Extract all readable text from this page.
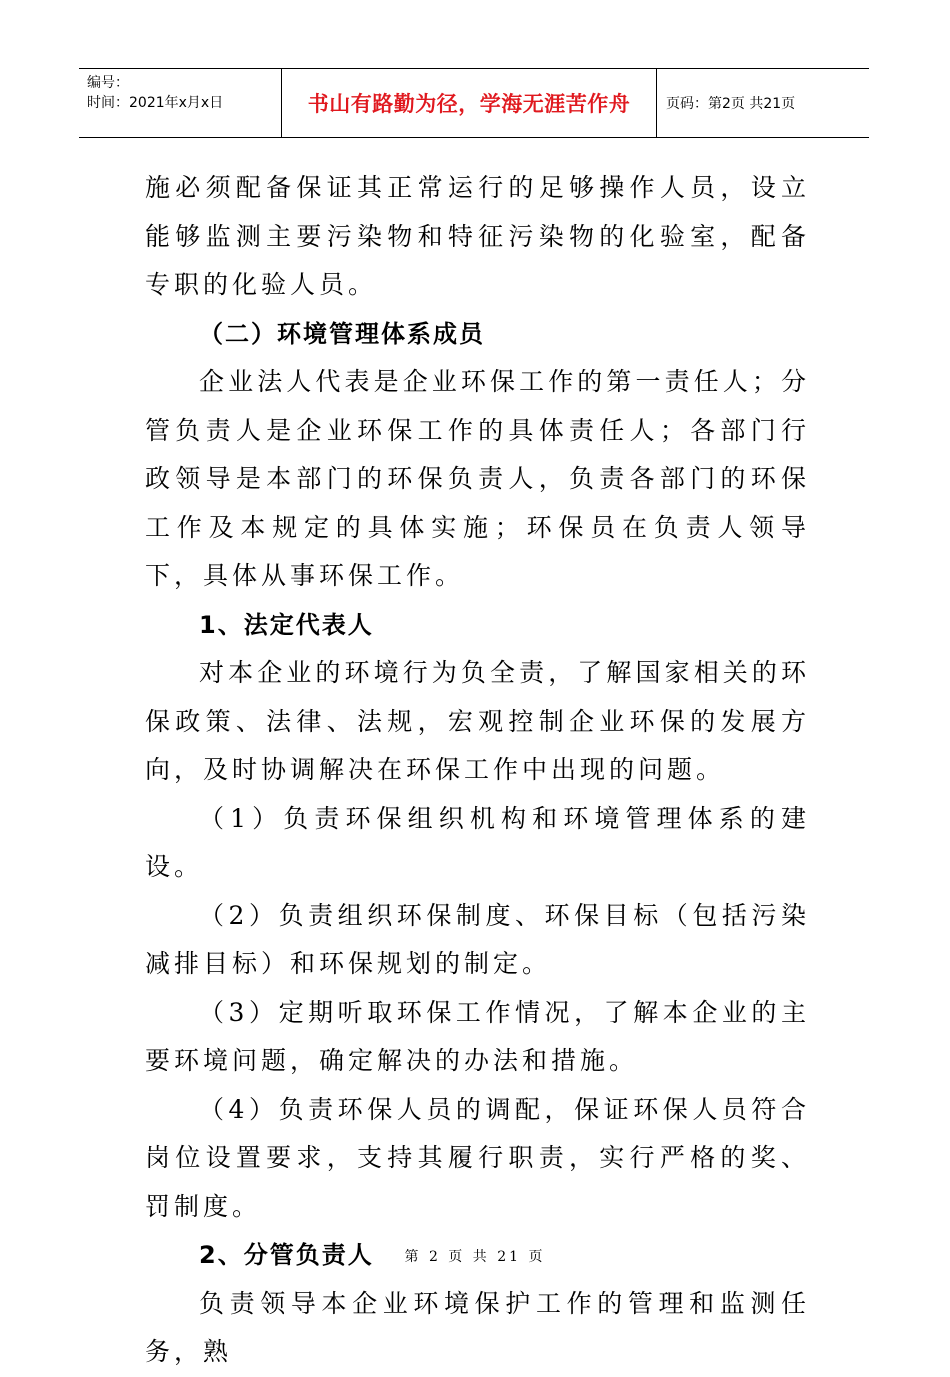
编号：
时间：2021年x月x日	书山有路勤为径，学海无涯苦作舟	页码：第2页 共21页

施必须配备保证其正常运行的足够操作人员，设立能够监测主要污染物和特征污染物的化验室，配备专职的化验人员。

（二）环境管理体系成员

企业法人代表是企业环保工作的第一责任人；分管负责人是企业环保工作的具体责任人；各部门行政领导是本部门的环保负责人，负责各部门的环保工作及本规定的具体实施；环保员在负责人领导下，具体从事环保工作。

1、法定代表人

对本企业的环境行为负全责，了解国家相关的环保政策、法律、法规，宏观控制企业环保的发展方向，及时协调解决在环保工作中出现的问题。

（1）负责环保组织机构和环境管理体系的建设。

（2）负责组织环保制度、环保目标（包括污染减排目标）和环保规划的制定。

（3）定期听取环保工作情况，了解本企业的主要环境问题，确定解决的办法和措施。

（4）负责环保人员的调配，保证环保人员符合岗位设置要求，支持其履行职责，实行严格的奖、罚制度。

2、分管负责人

负责领导本企业环境保护工作的管理和监测任务，熟

第 2 页 共 21 页
